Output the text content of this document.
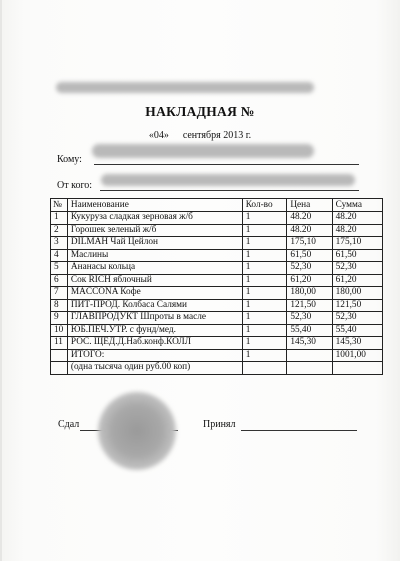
НАКЛАДНАЯ №
«04» сентября 2013 г.
Кому:
От кого:
№	Наименование	Кол-во	Цена	Сумма
1	Кукуруза сладкая зерновая ж/б	1	48.20	48.20
2	Горошек зеленый ж/б	1	48.20	48.20
3	DILMAH Чай Цейлон	1	175,10	175,10
4	Маслины	1	61,50	61,50
5	Ананасы кольца	1	52,30	52,30
6	Сок RICH яблочный	1	61,20	61,20
7	MACCONA Кофе	1	180,00	180,00
8	ПИТ-ПРОД. Колбаса Салями	1	121,50	121,50
9	ГЛАВПРОДУКТ Шпроты в масле	1	52,30	52,30
10	ЮБ.ПЕЧ.УТР. с фунд/мед.	1	55,40	55,40
11	РОС. ЩЕД.Д.Наб.конф.КОЛЛ	1	145,30	145,30
	ИТОГО:	1		1001,00
	(одна тысяча один руб.00 коп)			
Сдал	Принял
